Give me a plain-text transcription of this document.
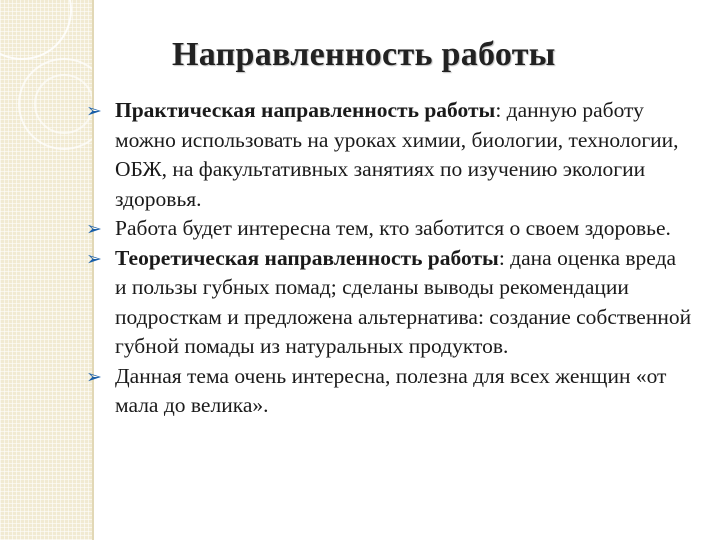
Направленность работы
➢ Практическая направленность работы: данную работу можно использовать на уроках химии, биологии, технологии, ОБЖ, на факультативных занятиях по изучению экологии здоровья.
➢ Работа будет интересна тем, кто заботится о своем здоровье.
➢ Теоретическая направленность работы: дана оценка вреда и пользы губных помад; сделаны выводы рекомендации подросткам и предложена альтернатива: создание собственной губной помады из натуральных продуктов.
➢ Данная тема очень интересна, полезна для всех женщин «от мала до велика».
